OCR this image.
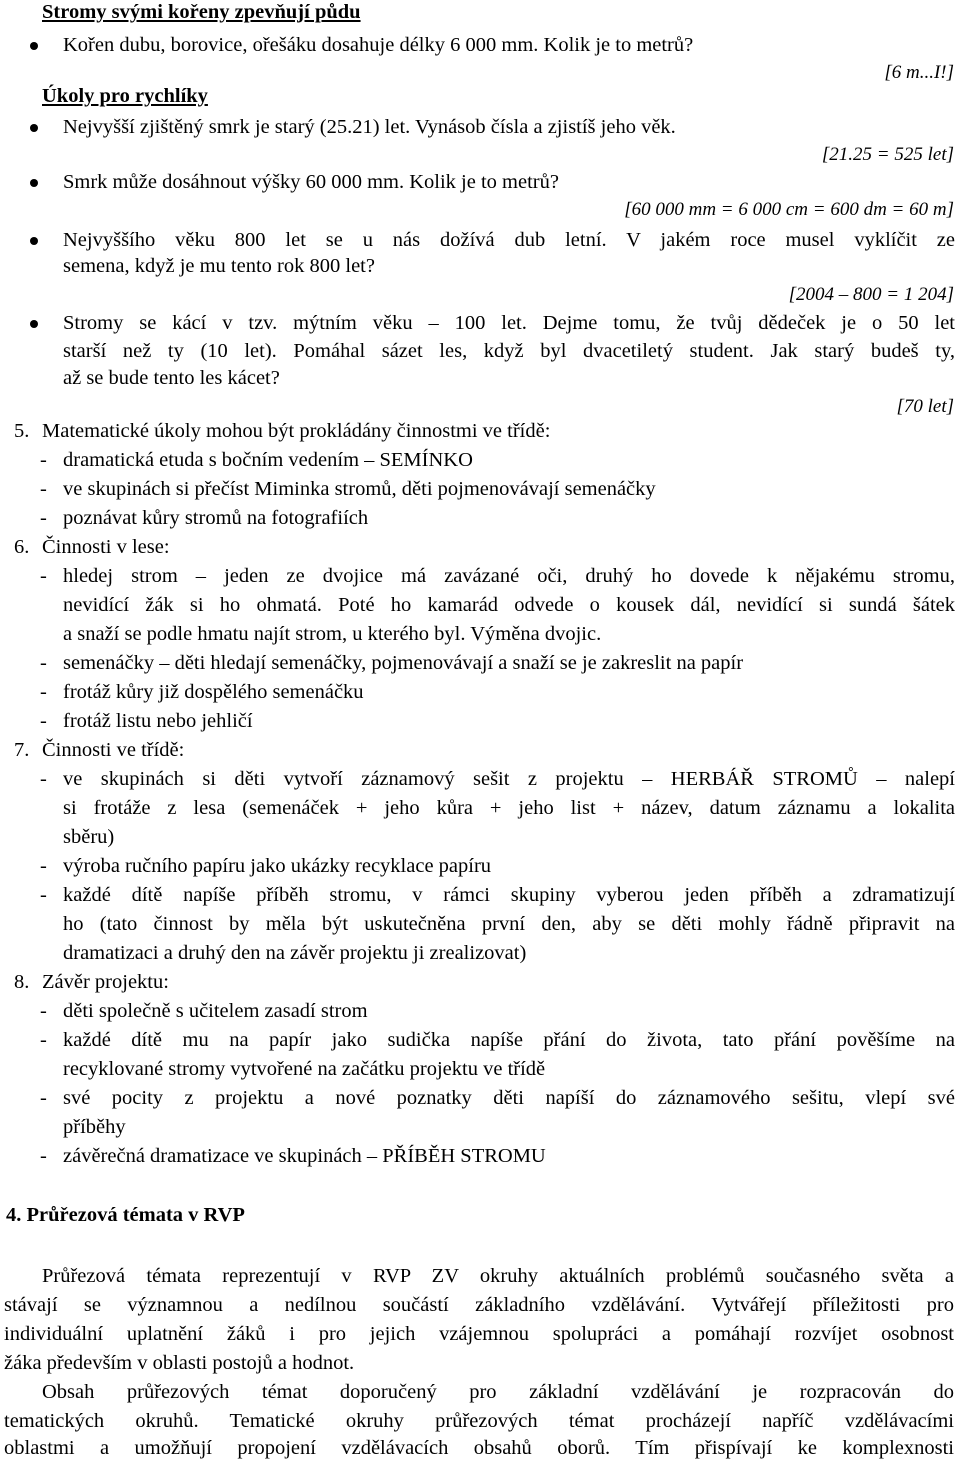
Stromy svými kořeny zpevňují půdu
Kořen dubu, borovice, ořešáku dosahuje délky 6 000 mm. Kolik je to metrů?
[6 m...I!]
Úkoly pro rychlíky
Nejvyšší zjištěný smrk je starý (25.21) let. Vynásob čísla a zjistíš jeho věk.
[21.25 = 525 let]
Smrk může dosáhnout výšky 60 000 mm. Kolik je to metrů?
[60 000 mm = 6 000 cm = 600 dm = 60 m]
Nejvyššího věku 800 let se u nás dožívá dub letní. V jakém roce musel vyklíčit ze
semena, když je mu tento rok 800 let?
[2004 – 800 = 1 204]
Stromy se kácí v tzv. mýtním věku – 100 let. Dejme tomu, že tvůj dědeček je o 50 let
starší než ty (10 let). Pomáhal sázet les, když byl dvacetiletý student. Jak starý budeš ty,
až se bude tento les kácet?
[70 let]
5. Matematické úkoly mohou být prokládány činnostmi ve třídě:
- dramatická etuda s bočním vedením – SEMÍNKO
- ve skupinách si přečíst Miminka stromů, děti pojmenovávají semenáčky
- poznávat kůry stromů na fotografiích
6. Činnosti v lese:
- hledej strom – jeden ze dvojice má zavázané oči, druhý ho dovede k nějakému stromu,
nevidící žák si ho ohmatá. Poté ho kamarád odvede o kousek dál, nevidící si sundá šátek
a snaží se podle hmatu najít strom, u kterého byl. Výměna dvojic.
- semenáčky – děti hledají semenáčky, pojmenovávají a snaží se je zakreslit na papír
- frotáž kůry již dospělého semenáčku
- frotáž listu nebo jehličí
7. Činnosti ve třídě:
- ve skupinách si děti vytvoří záznamový sešit z projektu – HERBÁŘ STROMŮ – nalepí
si frotáže z lesa (semenáček + jeho kůra + jeho list + název, datum záznamu a lokalita
sběru)
- výroba ručního papíru jako ukázky recyklace papíru
- každé dítě napíše příběh stromu, v rámci skupiny vyberou jeden příběh a zdramatizují
ho (tato činnost by měla být uskutečněna první den, aby se děti mohly řádně připravit na
dramatizaci a druhý den na závěr projektu ji zrealizovat)
8. Závěr projektu:
- děti společně s učitelem zasadí strom
- každé dítě mu na papír jako sudička napíše přání do života, tato přání pověšíme na
recyklované stromy vytvořené na začátku projektu ve třídě
- své pocity z projektu a nové poznatky děti napíší do záznamového sešitu, vlepí své
příběhy
- závěrečná dramatizace ve skupinách – PŘÍBĚH STROMU
4. Průřezová témata v RVP
Průřezová témata reprezentují v RVP ZV okruhy aktuálních problémů současného světa a
stávají se významnou a nedílnou součástí základního vzdělávání. Vytvářejí příležitosti pro
individuální uplatnění žáků i pro jejich vzájemnou spolupráci a pomáhají rozvíjet osobnost
žáka především v oblasti postojů a hodnot.
Obsah průřezových témat doporučený pro základní vzdělávání je rozpracován do
tematických okruhů. Tematické okruhy průřezových témat procházejí napříč vzdělávacími
oblastmi a umožňují propojení vzdělávacích obsahů oborů. Tím přispívají ke komplexnosti
